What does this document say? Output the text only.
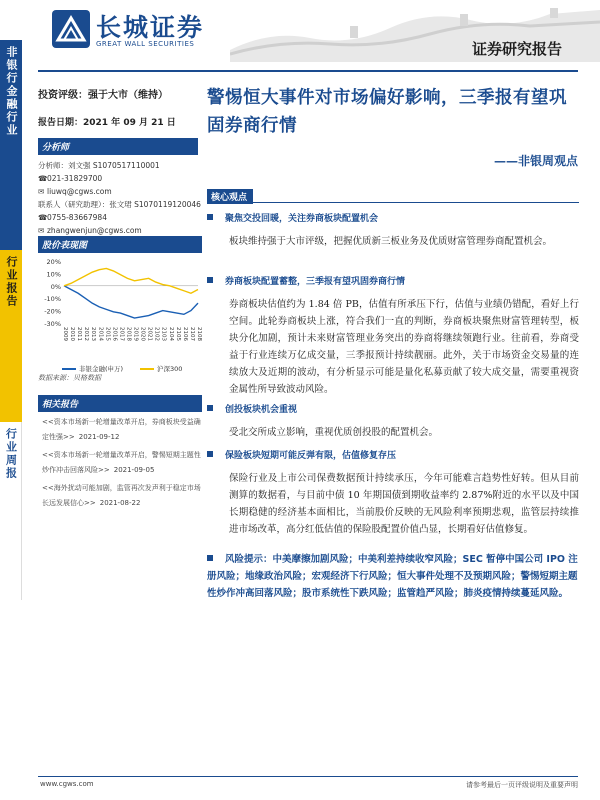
长城证券
GREAT WALL SECURITIES	证券研究报告
非银行金融行业
行业报告
行业周报
投资评级：强于大市（维持）
报告日期：2021 年 09 月 21 日
分析师
分析师：刘文强 S1070517110001
☎021-31829700
✉ liuwq@cgws.com
联系人（研究助理）：张文珺 S1070119120046
☎0755-83667984
✉ zhangwenjun@cgws.com
股价表现图
20%
10%
0%
-10%
-20%
-30%
2009 2010 2011 2012 2013 2014 2015 2016 2017 2018 2019 2020 2021 2102 2103 2104 2105 2106 2107 2108
非银金融(申万)	沪深300
数据来源：贝格数据
相关报告
<<资本市场新一轮增量改革开启，券商板块受益确定性强>> 2021-09-12
<<资本市场新一轮增量改革开启，警惕短期主题性炒作冲击回落风险>> 2021-09-05
<<海外扰动可能加剧，监管再次发声利于稳定市场长远发展信心>> 2021-08-22
警惕恒大事件对市场偏好影响，三季报有望巩固券商行情
——非银周观点
核心观点
聚焦交投回暖，关注券商板块配置机会
板块维持强于大市评级，把握优质新三板业务及优质财富管理券商配置机会。
券商板块配置蓄整，三季报有望巩固券商行情
券商板块估值约为 1.84 倍 PB，估值有所承压下行，估值与业绩仍错配，看好上行空间。此轮券商板块上涨，符合我们一直的判断，券商板块聚焦财富管理转型，板块分化加剧，预计未来财富管理业务突出的券商将继续领跑行业。往前看，券商受益于行业连续万亿成交量，三季报预计持续靓丽。此外，关于市场资金交易量的连续放大及近期的波动，有分析显示可能是量化私募贡献了较大成交量，需要重视资金属性所导致波动风险。
创投板块机会重视
受北交所成立影响，重视优质创投股的配置机会。
保险板块短期可能反弹有限，估值修复存压
保险行业及上市公司保费数据预计持续承压，今年可能难言趋势性好转。但从目前测算的数据看，与目前中债 10 年期国债到期收益率约 2.87%附近的水平以及中国长期稳健的经济基本面相比，当前股价反映的无风险利率预期悲观，监管层持续推进市场改革，高分红低估值的保险股配置价值凸显，长期看好估值修复。
风险提示：中美摩擦加剧风险；中美利差持续收窄风险；SEC 暂停中国公司 IPO 注册风险；地缘政治风险；宏观经济下行风险；恒大事件处理不及预期风险；警惕短期主题性炒作冲高回落风险；股市系统性下跌风险；监管趋严风险；肺炎疫情持续蔓延风险。
www.cgws.com	请参考最后一页评级说明及重要声明
